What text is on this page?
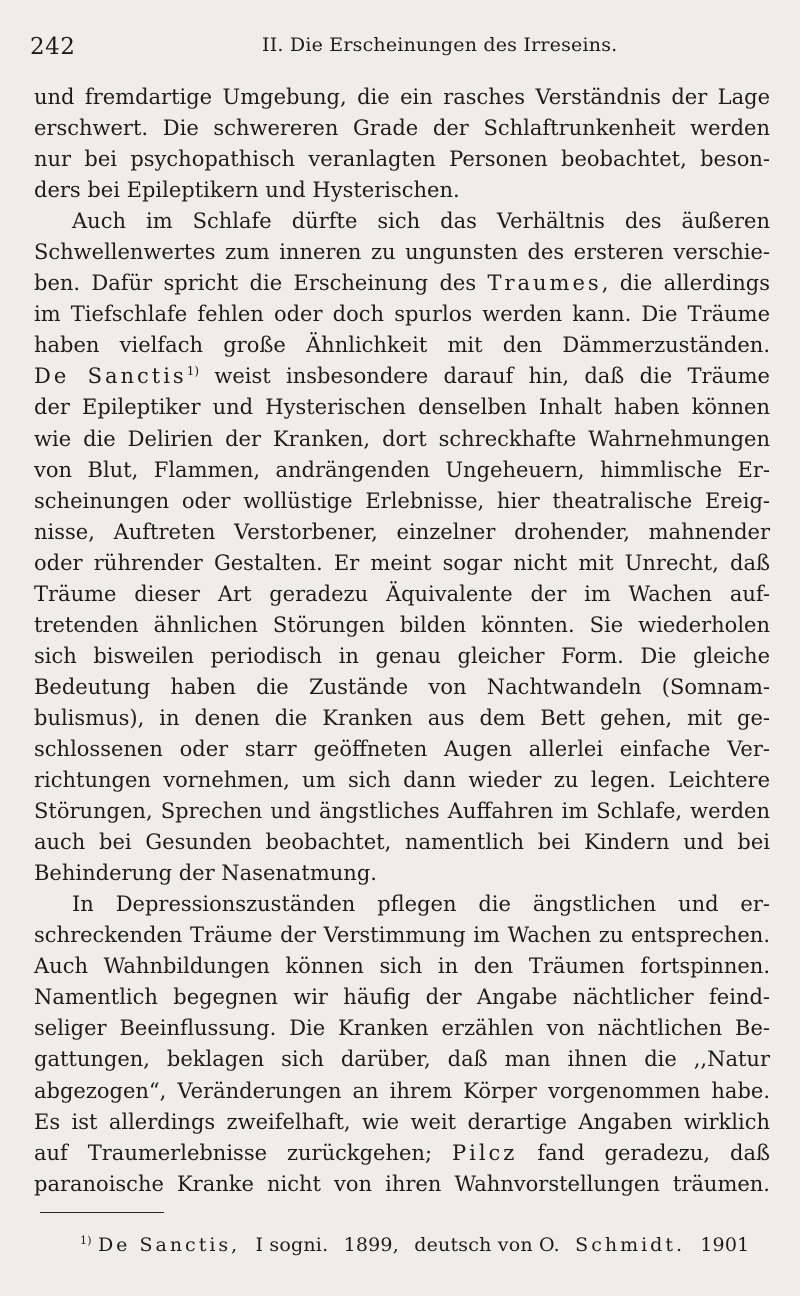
242	II. Die Erscheinungen des Irreseins.
und fremdartige Umgebung, die ein rasches Verständnis der Lage
erschwert. Die schwereren Grade der Schlaftrunkenheit werden
nur bei psychopathisch veranlagten Personen beobachtet, beson-
ders bei Epileptikern und Hysterischen.
Auch im Schlafe dürfte sich das Verhältnis des äußeren
Schwellenwertes zum inneren zu ungunsten des ersteren verschie-
ben. Dafür spricht die Erscheinung des Traumes, die allerdings
im Tiefschlafe fehlen oder doch spurlos werden kann. Die Träume
haben vielfach große Ähnlichkeit mit den Dämmerzuständen.
De Sanctis$^{1)}$ weist insbesondere darauf hin, daß die Träume
der Epileptiker und Hysterischen denselben Inhalt haben können
wie die Delirien der Kranken, dort schreckhafte Wahrnehmungen
von Blut, Flammen, andrängenden Ungeheuern, himmlische Er-
scheinungen oder wollüstige Erlebnisse, hier theatralische Ereig-
nisse, Auftreten Verstorbener, einzelner drohender, mahnender
oder rührender Gestalten. Er meint sogar nicht mit Unrecht, daß
Träume dieser Art geradezu Äquivalente der im Wachen auf-
tretenden ähnlichen Störungen bilden könnten. Sie wiederholen
sich bisweilen periodisch in genau gleicher Form. Die gleiche
Bedeutung haben die Zustände von Nachtwandeln (Somnam-
bulismus), in denen die Kranken aus dem Bett gehen, mit ge-
schlossenen oder starr geöffneten Augen allerlei einfache Ver-
richtungen vornehmen, um sich dann wieder zu legen. Leichtere
Störungen, Sprechen und ängstliches Auffahren im Schlafe, werden
auch bei Gesunden beobachtet, namentlich bei Kindern und bei
Behinderung der Nasenatmung.
In Depressionszuständen pflegen die ängstlichen und er-
schreckenden Träume der Verstimmung im Wachen zu entsprechen.
Auch Wahnbildungen können sich in den Träumen fortspinnen.
Namentlich begegnen wir häufig der Angabe nächtlicher feind-
seliger Beeinflussung. Die Kranken erzählen von nächtlichen Be-
gattungen, beklagen sich darüber, daß man ihnen die ,,Natur
abgezogen“, Veränderungen an ihrem Körper vorgenommen habe.
Es ist allerdings zweifelhaft, wie weit derartige Angaben wirklich
auf Traumerlebnisse zurückgehen; Pilcz fand geradezu, daß
paranoische Kranke nicht von ihren Wahnvorstellungen träumen.
$^{1)}$ De Sanctis, I sogni. 1899, deutsch von O. Schmidt. 1901
